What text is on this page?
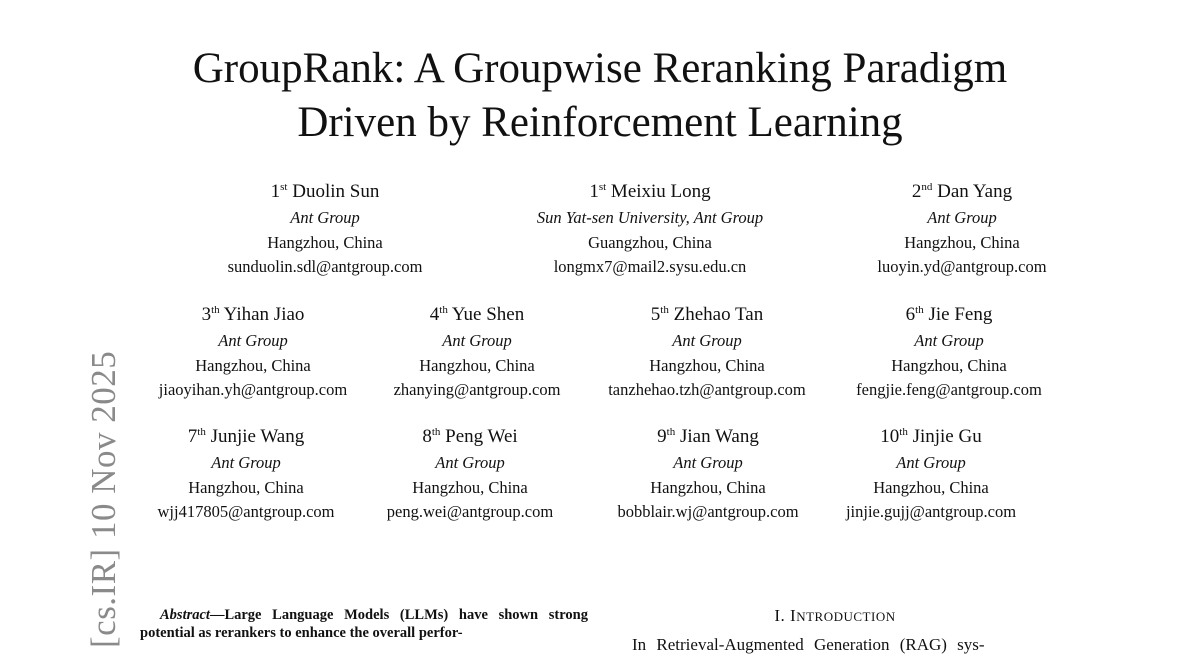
GroupRank: A Groupwise Reranking Paradigm
Driven by Reinforcement Learning
1st Duolin Sun
Ant Group
Hangzhou, China
sunduolin.sdl@antgroup.com
1st Meixiu Long
Sun Yat-sen University, Ant Group
Guangzhou, China
longmx7@mail2.sysu.edu.cn
2nd Dan Yang
Ant Group
Hangzhou, China
luoyin.yd@antgroup.com
3th Yihan Jiao
Ant Group
Hangzhou, China
jiaoyihan.yh@antgroup.com
4th Yue Shen
Ant Group
Hangzhou, China
zhanying@antgroup.com
5th Zhehao Tan
Ant Group
Hangzhou, China
tanzhehao.tzh@antgroup.com
6th Jie Feng
Ant Group
Hangzhou, China
fengjie.feng@antgroup.com
7th Junjie Wang
Ant Group
Hangzhou, China
wjj417805@antgroup.com
8th Peng Wei
Ant Group
Hangzhou, China
peng.wei@antgroup.com
9th Jian Wang
Ant Group
Hangzhou, China
bobblair.wj@antgroup.com
10th Jinjie Gu
Ant Group
Hangzhou, China
jinjie.gujj@antgroup.com
[cs.IR] 10 Nov 2025	Abstract—Large Language Models (LLMs) have shown strong potential as rerankers to enhance the overall perfor-
I. INTRODUCTION
In Retrieval-Augmented Generation (RAG) sys-
